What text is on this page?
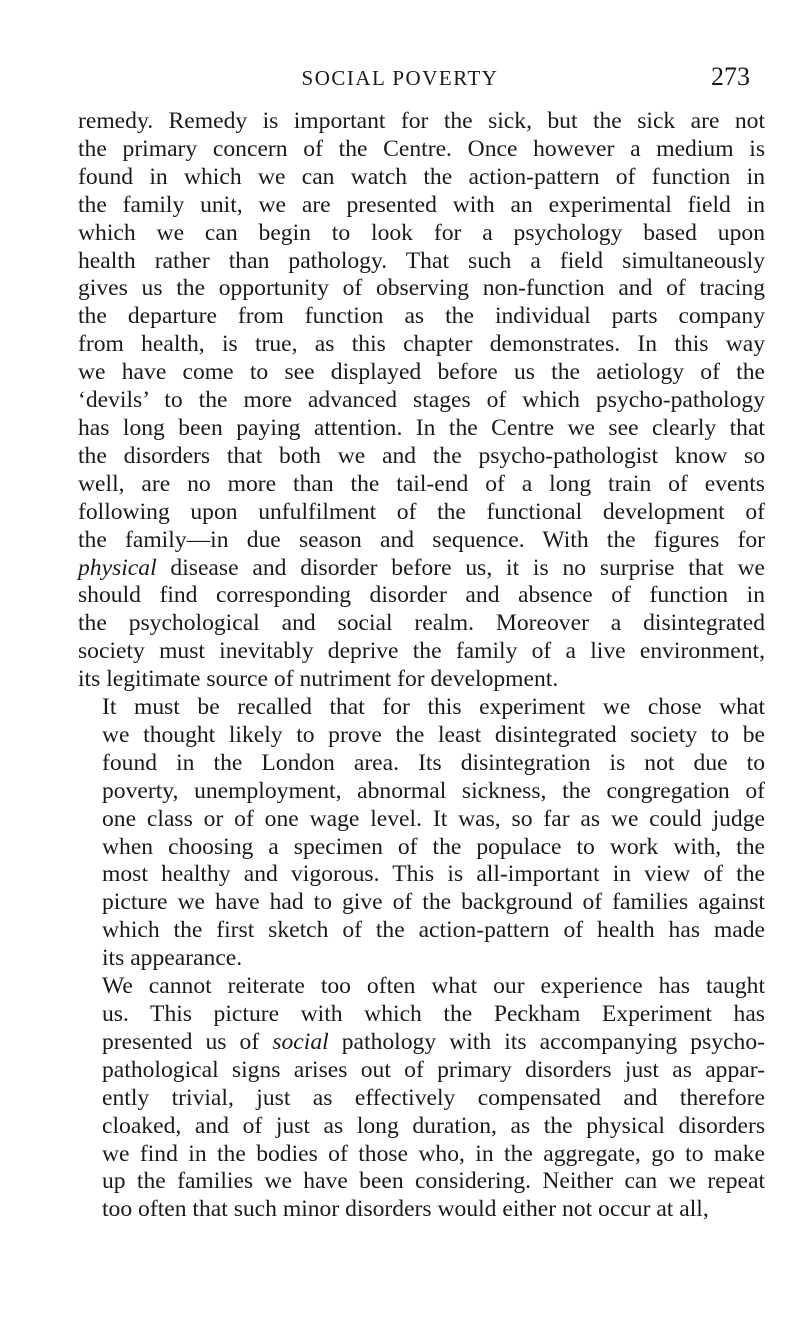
SOCIAL POVERTY	273

remedy. Remedy is important for the sick, but the sick are not
the primary concern of the Centre. Once however a medium is
found in which we can watch the action-pattern of function in
the family unit, we are presented with an experimental field in
which we can begin to look for a psychology based upon
health rather than pathology. That such a field simultaneously
gives us the opportunity of observing non-function and of tracing
the departure from function as the individual parts company
from health, is true, as this chapter demonstrates. In this way
we have come to see displayed before us the aetiology of the
‘devils’ to the more advanced stages of which psycho-pathology
has long been paying attention. In the Centre we see clearly that
the disorders that both we and the psycho-pathologist know so
well, are no more than the tail-end of a long train of events
following upon unfulfilment of the functional development of
the family—in due season and sequence. With the figures for
physical disease and disorder before us, it is no surprise that we
should find corresponding disorder and absence of function in
the psychological and social realm. Moreover a disintegrated
society must inevitably deprive the family of a live environment,
its legitimate source of nutriment for development.

It must be recalled that for this experiment we chose what
we thought likely to prove the least disintegrated society to be
found in the London area. Its disintegration is not due to
poverty, unemployment, abnormal sickness, the congregation of
one class or of one wage level. It was, so far as we could judge
when choosing a specimen of the populace to work with, the
most healthy and vigorous. This is all-important in view of the
picture we have had to give of the background of families against
which the first sketch of the action-pattern of health has made
its appearance.

We cannot reiterate too often what our experience has taught
us. This picture with which the Peckham Experiment has
presented us of social pathology with its accompanying psycho-
pathological signs arises out of primary disorders just as appar-
ently trivial, just as effectively compensated and therefore
cloaked, and of just as long duration, as the physical disorders
we find in the bodies of those who, in the aggregate, go to make
up the families we have been considering. Neither can we repeat
too often that such minor disorders would either not occur at all,
